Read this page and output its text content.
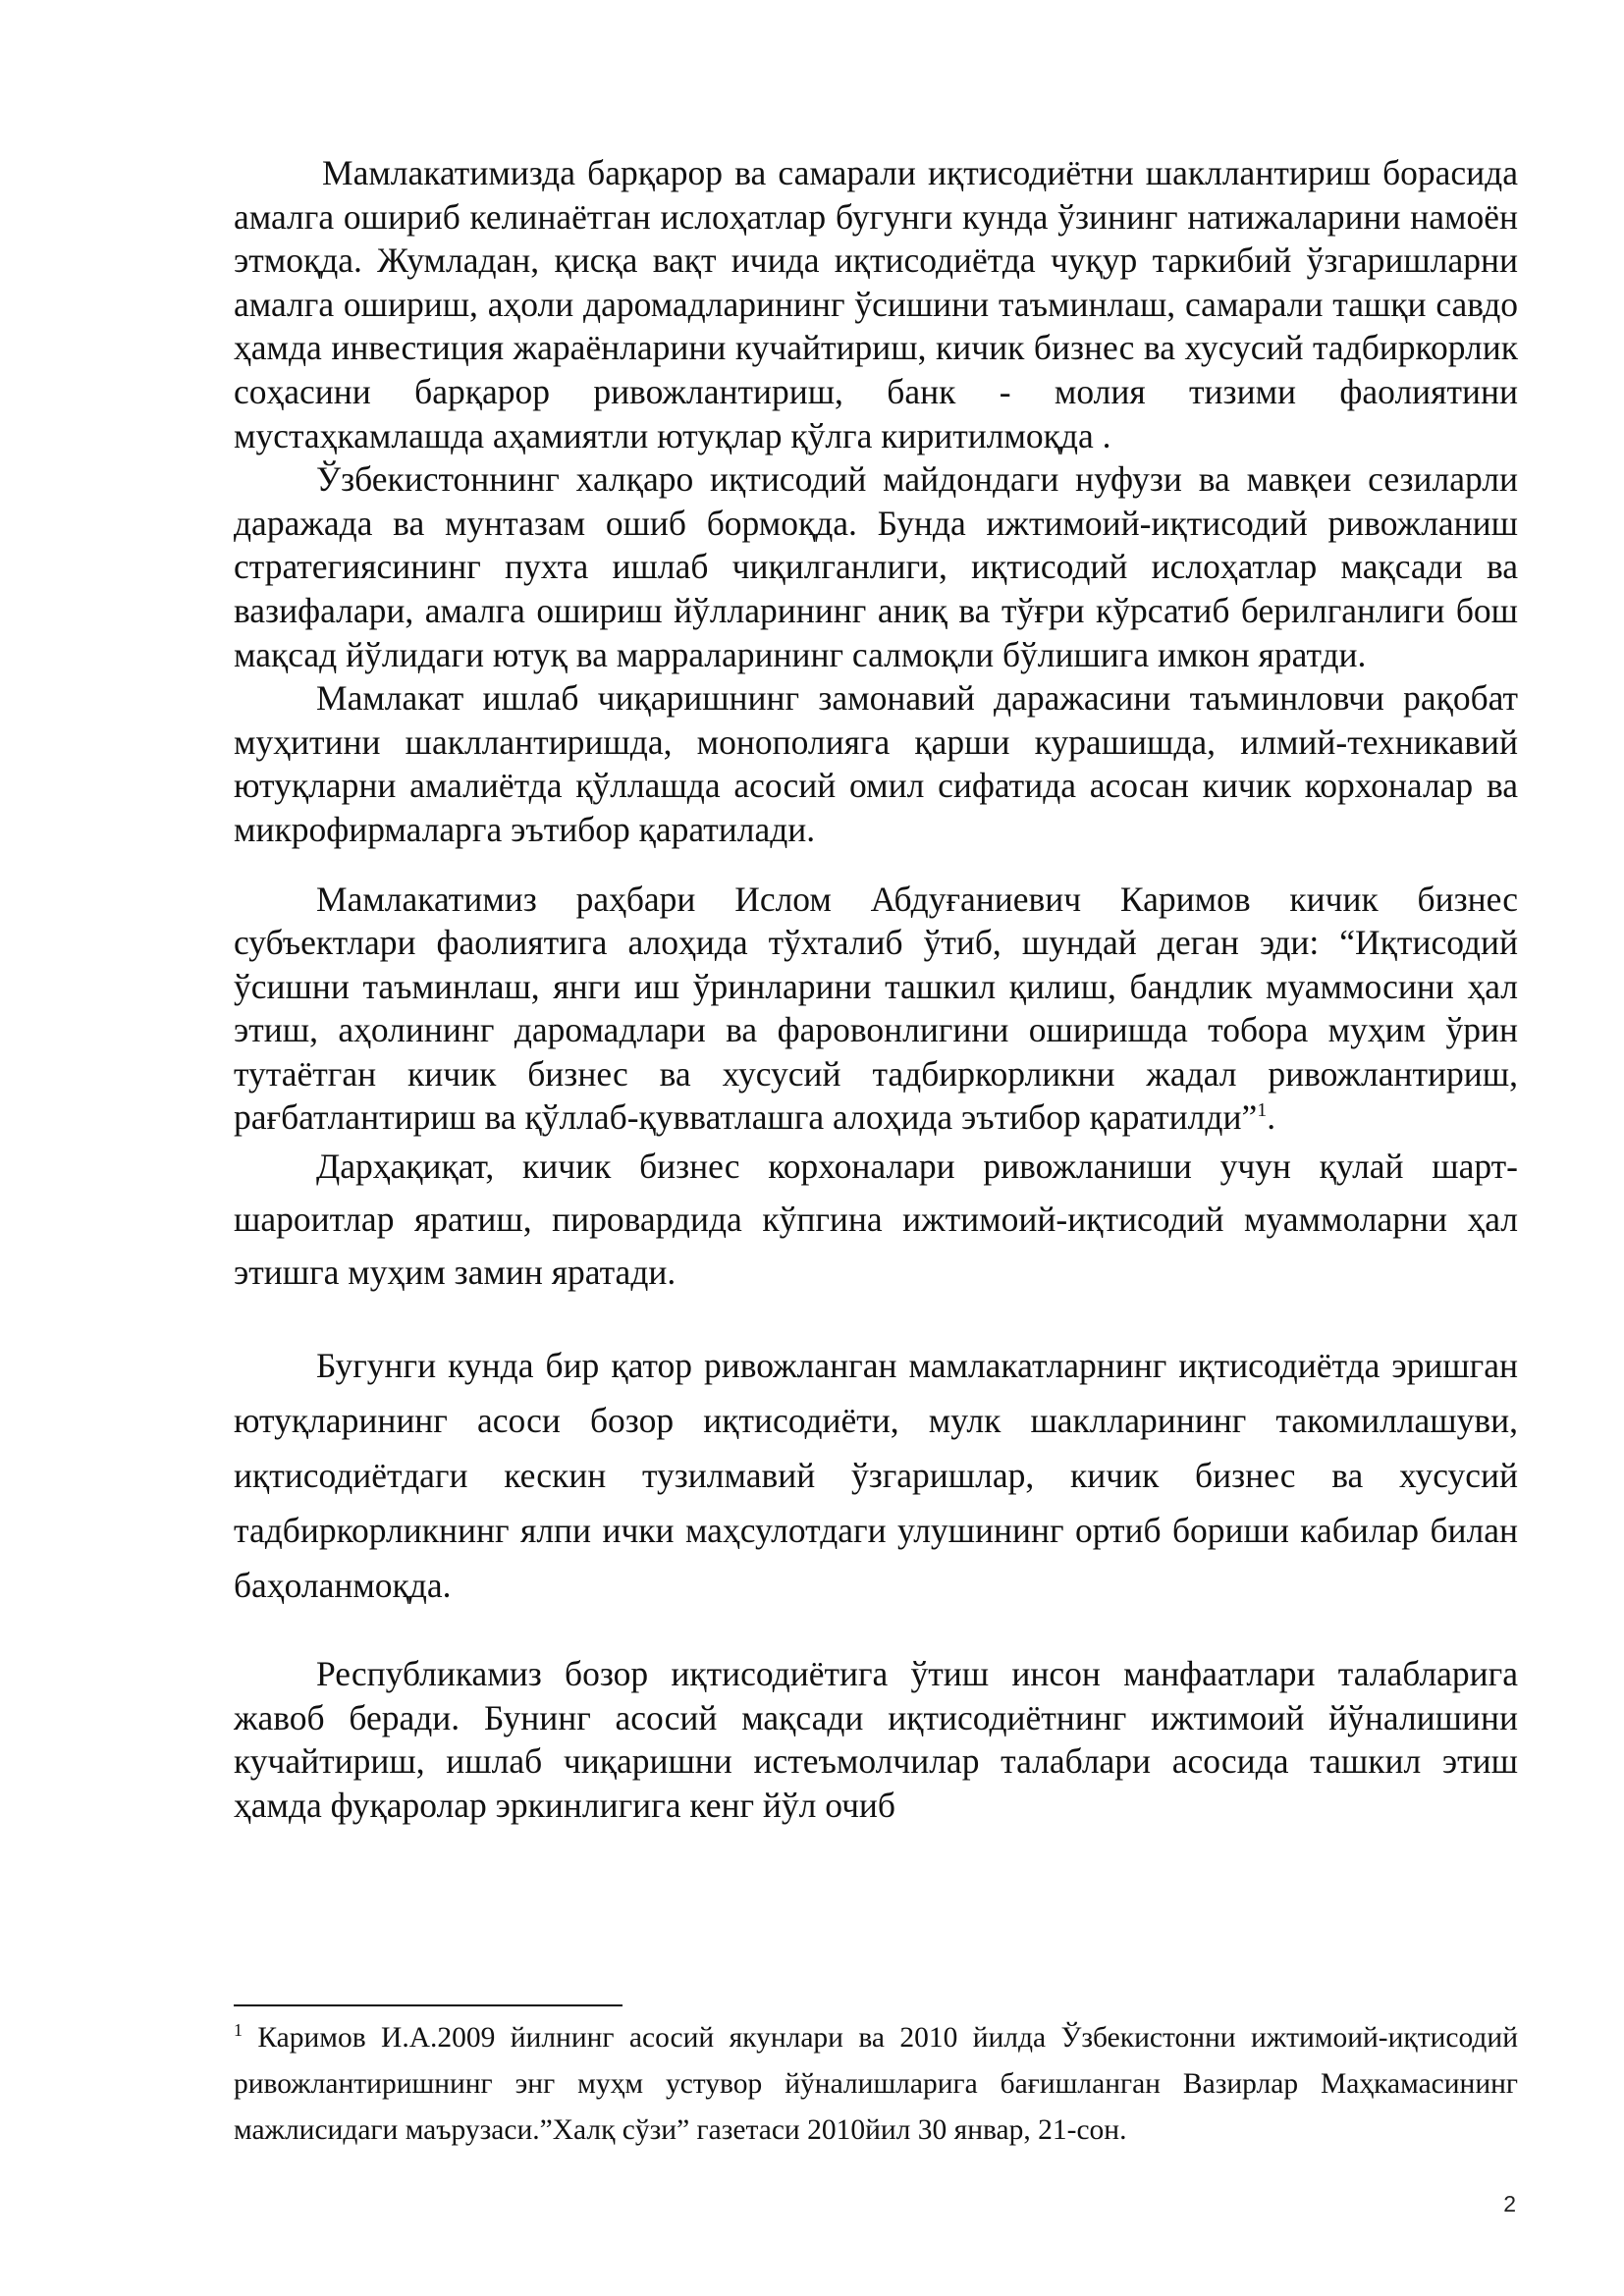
Мамлакатимизда барқарор ва самарали иқтисодиётни шакллантириш борасида амалга ошириб келинаётган ислоҳатлар бугунги кунда ўзининг натижаларини намоён этмоқда. Жумладан, қисқа вақт ичида иқтисодиётда чуқур таркибий ўзгаришларни амалга ошириш, аҳоли даромадларининг ўсишини таъминлаш, самарали ташқи савдо ҳамда инвестиция жараёнларини кучайтириш, кичик бизнес ва хусусий тадбиркорлик соҳасини барқарор ривожлантириш, банк - молия тизими фаолиятини мустаҳкамлашда аҳамиятли ютуқлар қўлга киритилмоқда .

Ўзбекистоннинг халқаро иқтисодий майдондаги нуфузи ва мавқеи сезиларли даражада ва мунтазам ошиб бормоқда. Бунда ижтимоий-иқтисодий ривожланиш стратегиясининг пухта ишлаб чиқилганлиги, иқтисодий ислоҳатлар мақсади ва вазифалари, амалга ошириш йўлларининг аниқ ва тўғри кўрсатиб берилганлиги бош мақсад йўлидаги ютуқ ва марраларининг салмоқли бўлишига имкон яратди.

Мамлакат ишлаб чиқаришнинг замонавий даражасини таъминловчи рақобат муҳитини шакллантиришда, монополияга қарши курашишда, илмий-техникавий ютуқларни амалиётда қўллашда асосий омил сифатида асосан кичик корхоналар ва микрофирмаларга эътибор қаратилади.

Мамлакатимиз раҳбари Ислом Абдуғаниевич Каримов кичик бизнес субъектлари фаолиятига алоҳида тўхталиб ўтиб, шундай деган эди: “Иқтисодий ўсишни таъминлаш, янги иш ўринларини ташкил қилиш, бандлик муаммосини ҳал этиш, аҳолининг даромадлари ва фаровонлигини оширишда тобора муҳим ўрин тутаётган кичик бизнес ва хусусий тадбиркорликни жадал ривожлантириш, рағбатлантириш ва қўллаб-қувватлашга алоҳида эътибор қаратилди”$^1$.

Дарҳақиқат, кичик бизнес корхоналари ривожланиши учун қулай шарт-шароитлар яратиш, пировардида кўпгина ижтимоий-иқтисодий муаммоларни ҳал этишга муҳим замин яратади.

Бугунги кунда бир қатор ривожланган мамлакатларнинг иқтисодиётда эришган ютуқларининг асоси бозор иқтисодиёти, мулк шаклларининг такомиллашуви, иқтисодиётдаги кескин тузилмавий ўзгаришлар, кичик бизнес ва хусусий тадбиркорликнинг ялпи ички маҳсулотдаги улушининг ортиб бориши кабилар билан баҳоланмоқда.

Республикамиз бозор иқтисодиётига ўтиш инсон манфаатлари талабларига жавоб беради. Бунинг асосий мақсади иқтисодиётнинг ижтимоий йўналишини кучайтириш, ишлаб чиқаришни истеъмолчилар талаблари асосида ташкил этиш ҳамда фуқаролар эркинлигига кенг йўл очиб

$^1$ Каримов И.А.2009 йилнинг асосий якунлари ва 2010 йилда Ўзбекистонни ижтимоий-иқтисодий ривожлантиришнинг энг муҳм устувор йўналишларига бағишланган Вазирлар Маҳкамасининг мажлисидаги маърузаси.”Халқ сўзи” газетаси 2010йил 30 январ, 21-сон.

2
